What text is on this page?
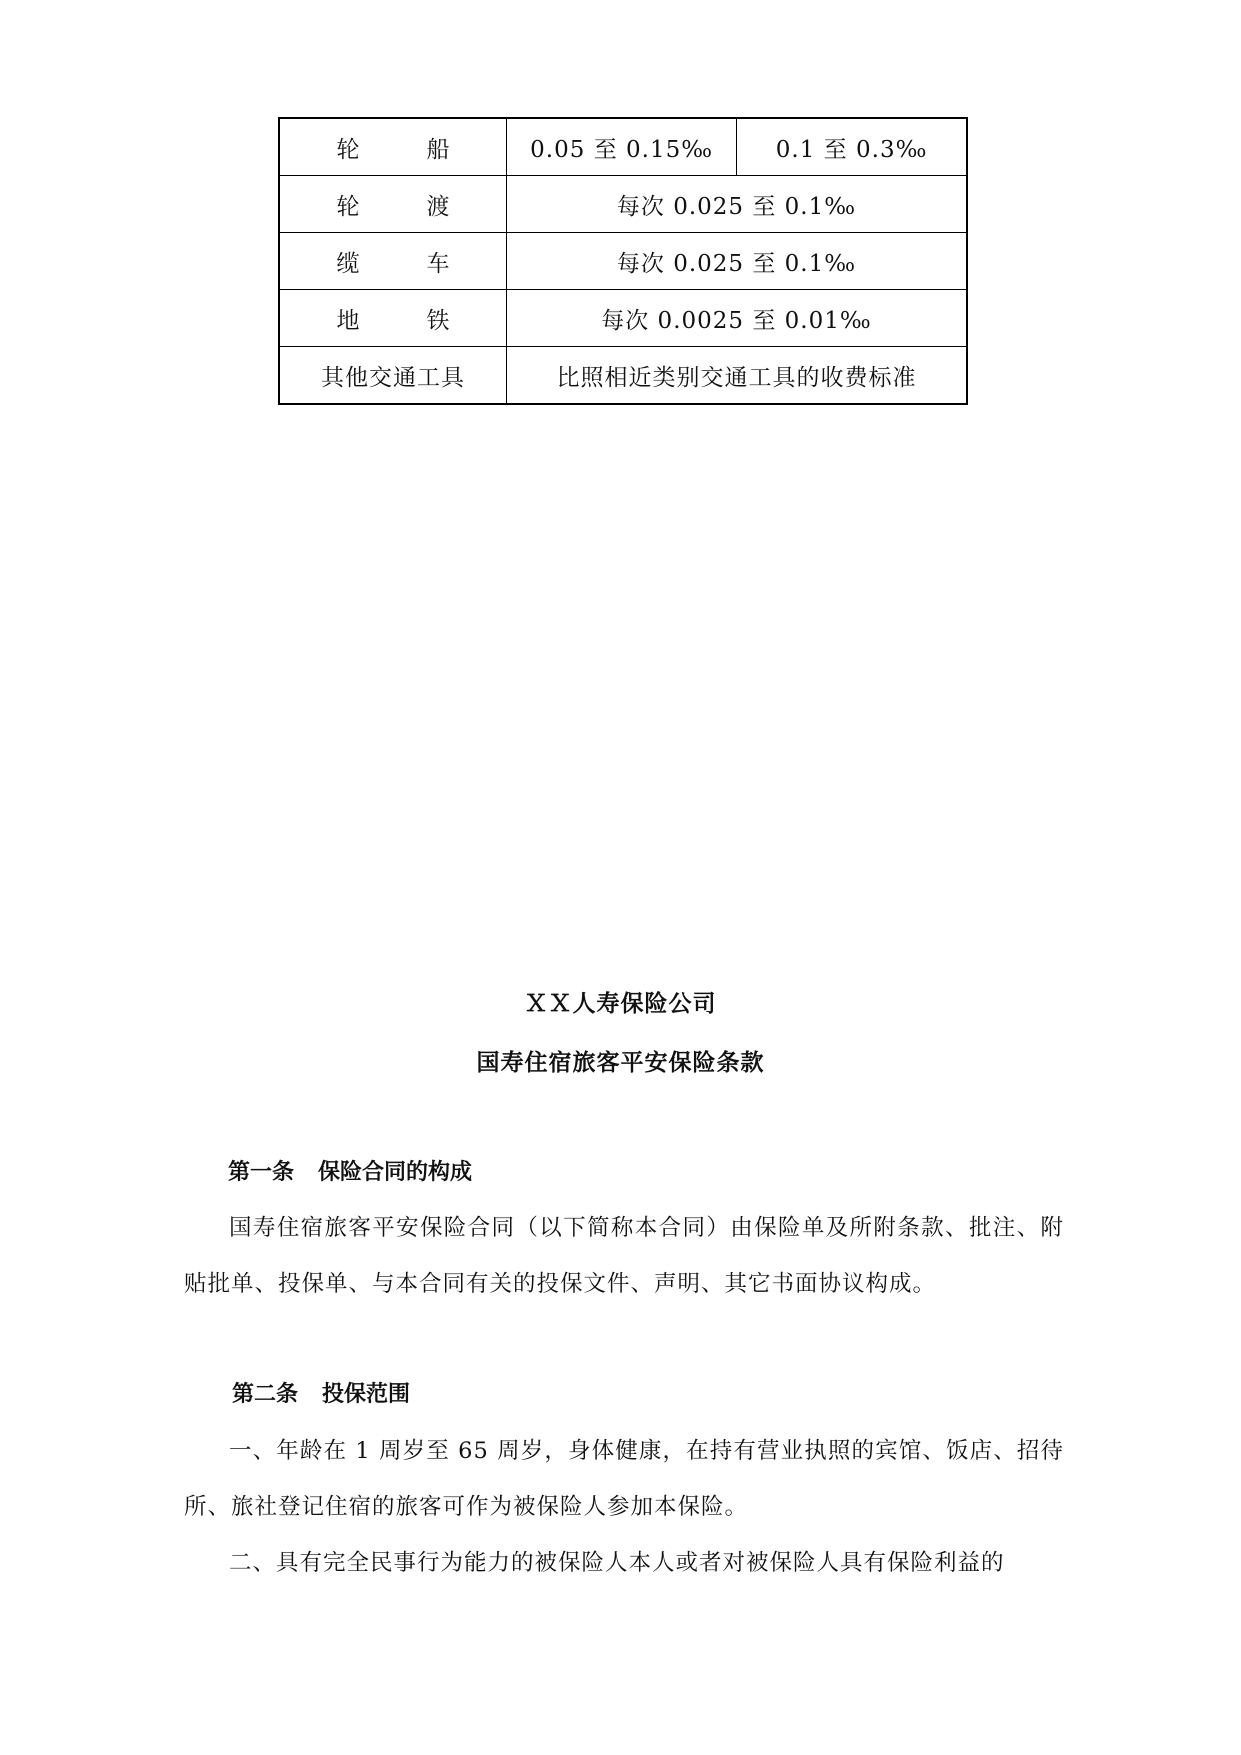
轮　船	0.05 至 0.15‰	0.1 至 0.3‰
轮　渡	每次 0.025 至 0.1‰	
缆　车	每次 0.025 至 0.1‰	
地　铁	每次 0.0025 至 0.01‰	
其他交通工具	比照相近类别交通工具的收费标准	
ＸＸ人寿保险公司
国寿住宿旅客平安保险条款
第一条 保险合同的构成

国寿住宿旅客平安保险合同（以下简称本合同）由保险单及所附条款、批注、附贴批单、投保单、与本合同有关的投保文件、声明、其它书面协议构成。

第二条 投保范围

一、年龄在 1 周岁至 65 周岁，身体健康，在持有营业执照的宾馆、饭店、招待所、旅社登记住宿的旅客可作为被保险人参加本保险。

二、具有完全民事行为能力的被保险人本人或者对被保险人具有保险利益的
